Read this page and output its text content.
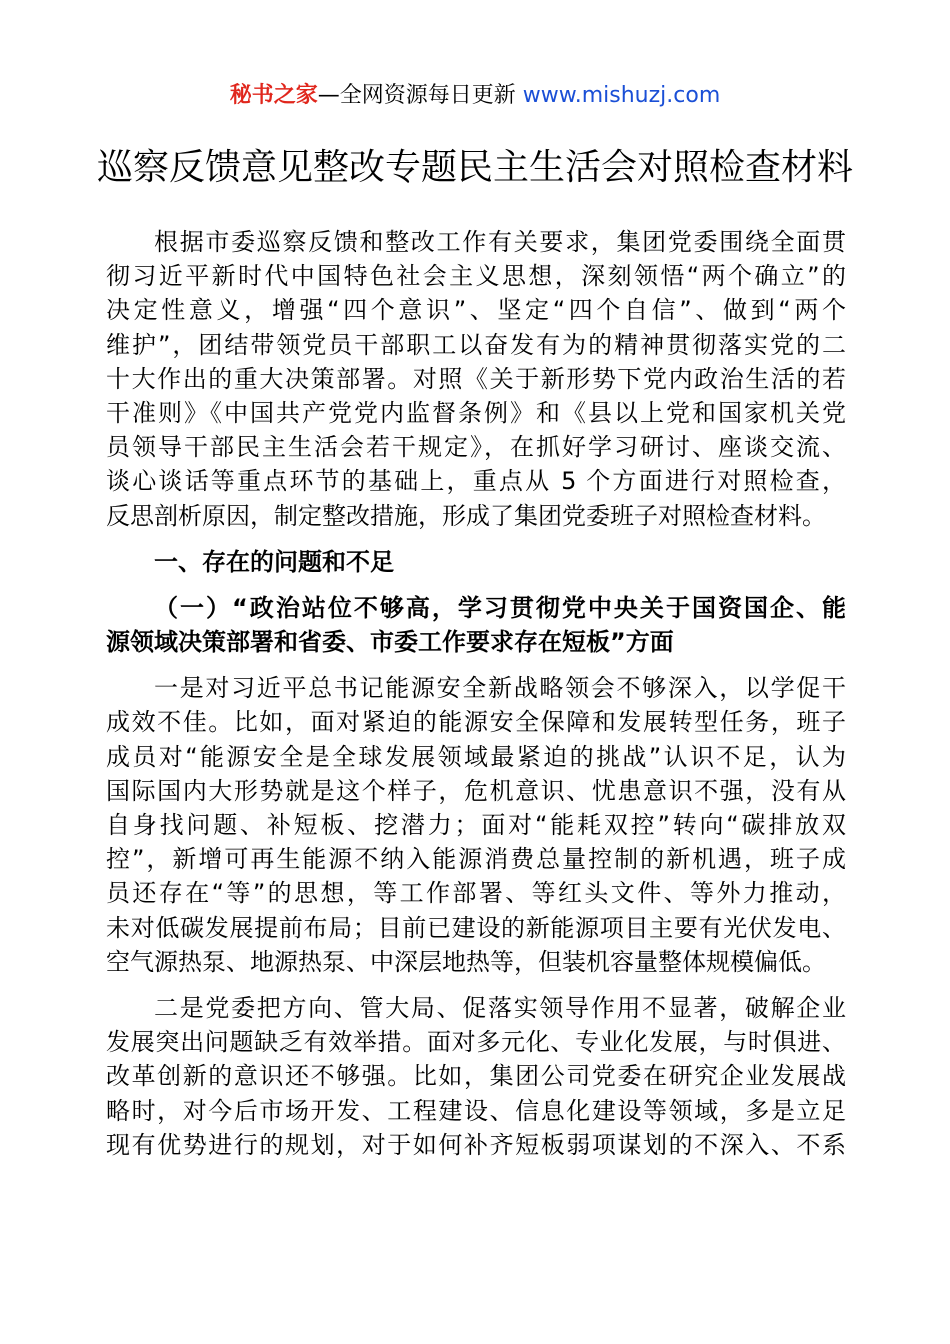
秘书之家—全网资源每日更新 www.mishuzj.com
巡察反馈意见整改专题民主生活会对照检查材料
根据市委巡察反馈和整改工作有关要求，集团党委围绕全面贯
彻习近平新时代中国特色社会主义思想，深刻领悟“两个确立”的
决定性意义，增强“四个意识”、坚定“四个自信”、做到“两个
维护”，团结带领党员干部职工以奋发有为的精神贯彻落实党的二
十大作出的重大决策部署。对照《关于新形势下党内政治生活的若
干准则》《中国共产党党内监督条例》和《县以上党和国家机关党
员领导干部民主生活会若干规定》，在抓好学习研讨、座谈交流、
谈心谈话等重点环节的基础上，重点从 5 个方面进行对照检查，
反思剖析原因，制定整改措施，形成了集团党委班子对照检查材料。
一、存在的问题和不足
（一）“政治站位不够高，学习贯彻党中央关于国资国企、能
源领域决策部署和省委、市委工作要求存在短板”方面
一是对习近平总书记能源安全新战略领会不够深入，以学促干
成效不佳。比如，面对紧迫的能源安全保障和发展转型任务，班子
成员对“能源安全是全球发展领域最紧迫的挑战”认识不足，认为
国际国内大形势就是这个样子，危机意识、忧患意识不强，没有从
自身找问题、补短板、挖潜力；面对“能耗双控”转向“碳排放双
控”，新增可再生能源不纳入能源消费总量控制的新机遇，班子成
员还存在“等”的思想，等工作部署、等红头文件、等外力推动，
未对低碳发展提前布局；目前已建设的新能源项目主要有光伏发电、
空气源热泵、地源热泵、中深层地热等，但装机容量整体规模偏低。
二是党委把方向、管大局、促落实领导作用不显著，破解企业
发展突出问题缺乏有效举措。面对多元化、专业化发展，与时俱进、
改革创新的意识还不够强。比如，集团公司党委在研究企业发展战
略时，对今后市场开发、工程建设、信息化建设等领域，多是立足
现有优势进行的规划，对于如何补齐短板弱项谋划的不深入、不系
